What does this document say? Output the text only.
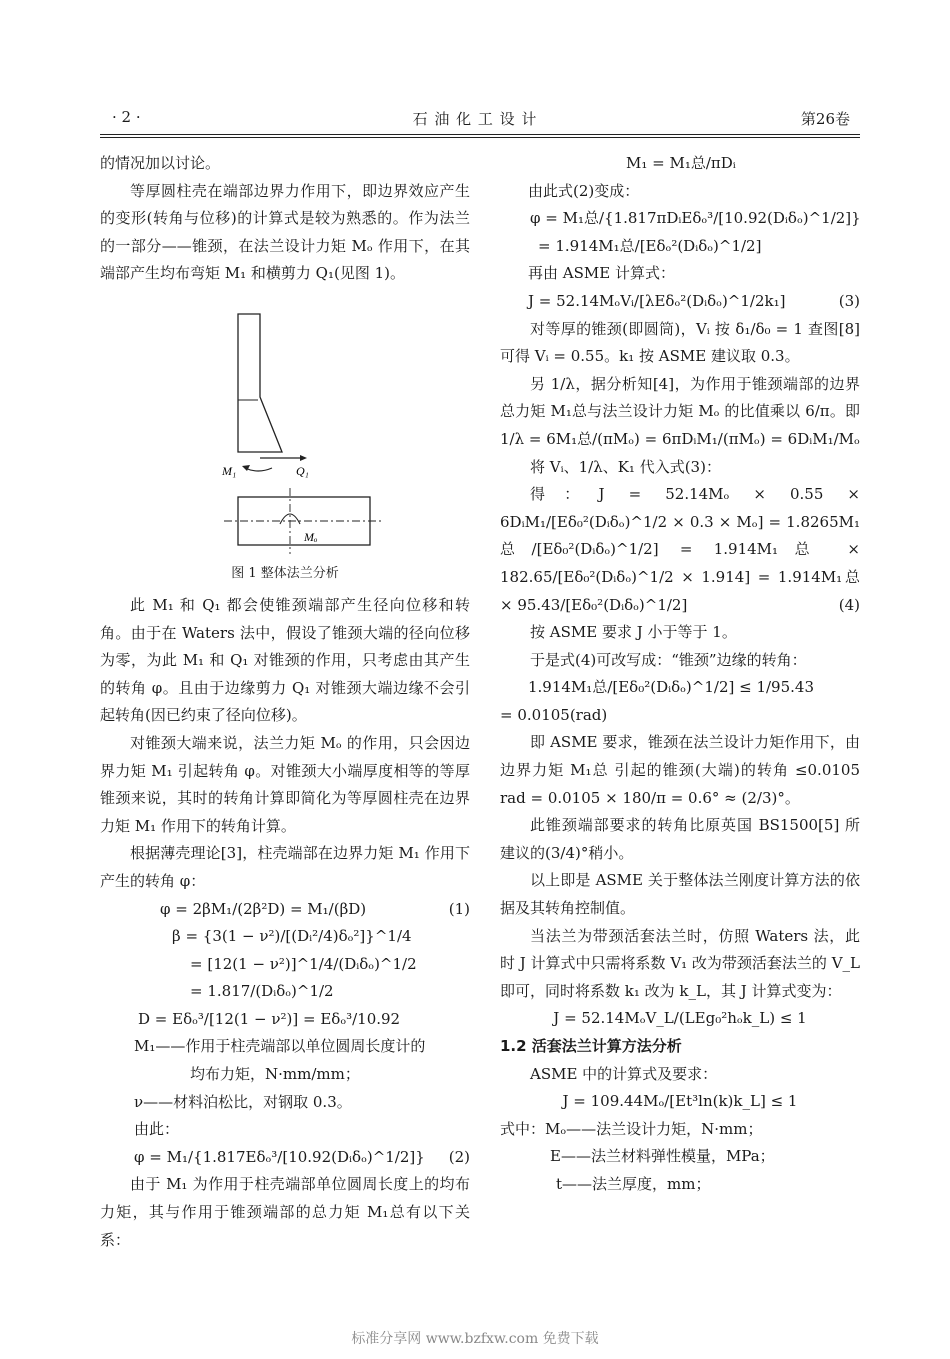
· 2 ·	石 油 化 工 设 计	第26卷

的情况加以讨论。

等厚圆柱壳在端部边界力作用下，即边界效应产生的变形(转角与位移)的计算式是较为熟悉的。作为法兰的一部分——锥颈，在法兰设计力矩 Mₒ 作用下，在其端部产生均布弯矩 M₁ 和横剪力 Q₁(见图 1)。

M₁	Q₁
Mₒ
图 1 整体法兰分析

此 M₁ 和 Q₁ 都会使锥颈端部产生径向位移和转角。由于在 Waters 法中，假设了锥颈大端的径向位移为零，为此 M₁ 和 Q₁ 对锥颈的作用，只考虑由其产生的转角 φ。且由于边缘剪力 Q₁ 对锥颈大端边缘不会引起转角(因已约束了径向位移)。

对锥颈大端来说，法兰力矩 Mₒ 的作用，只会因边界力矩 M₁ 引起转角 φ。对锥颈大小端厚度相等的等厚锥颈来说，其时的转角计算即简化为等厚圆柱壳在边界力矩 M₁ 作用下的转角计算。

根据薄壳理论[3]，柱壳端部在边界力矩 M₁ 作用下产生的转角 φ：

φ = 2βM₁/(2β²D) = M₁/(βD)	(1)

β = {3(1 − ν²)/[(Dᵢ²/4)δₒ²]}^1/4

= [12(1 − ν²)]^1/4/(Dᵢδₒ)^1/2

= 1.817/(Dᵢδₒ)^1/2

D = Eδₒ³/[12(1 − ν²)] = Eδₒ³/10.92

M₁——作用于柱壳端部以单位圆周长度计的

均布力矩，N·mm/mm；

ν——材料泊松比，对钢取 0.3。

由此：

φ = M₁/{1.817Eδₒ³/[10.92(Dᵢδₒ)^1/2]} (2)

由于 M₁ 为作用于柱壳端部单位圆周长度上的均布力矩，其与作用于锥颈端部的总力矩 M₁总有以下关系：

M₁ = M₁总/πDᵢ

由此式(2)变成：

φ = M₁总/{1.817πDᵢEδₒ³/[10.92(Dᵢδₒ)^1/2]}

= 1.914M₁总/[Eδₒ²(Dᵢδₒ)^1/2]

再由 ASME 计算式：

J = 52.14MₒVᵢ/[λEδₒ²(Dᵢδₒ)^1/2k₁]	(3)

对等厚的锥颈(即圆筒)，Vᵢ 按 δ₁/δ₀ = 1 查图[8]可得 Vᵢ = 0.55。k₁ 按 ASME 建议取 0.3。

另 1/λ，据分析知[4]，为作用于锥颈端部的边界总力矩 M₁总与法兰设计力矩 Mₒ 的比值乘以 6/π。即 1/λ = 6M₁总/(πMₒ) = 6πDᵢM₁/(πMₒ) = 6DᵢM₁/Mₒ

将 Vᵢ、1/λ、K₁ 代入式(3)：

得：J = 52.14Mₒ × 0.55 × 6DᵢM₁/[Eδ₀²(Dᵢδₒ)^1/2 × 0.3 × Mₒ] = 1.8265M₁总/[Eδ₀²(Dᵢδₒ)^1/2] = 1.914M₁总 × 182.65/[Eδ₀²(Dᵢδₒ)^1/2 × 1.914] = 1.914M₁总 × 95.43/[Eδ₀²(Dᵢδₒ)^1/2]	(4)

按 ASME 要求 J 小于等于 1。

于是式(4)可改写成：“锥颈”边缘的转角：

1.914M₁总/[Eδ₀²(Dᵢδₒ)^1/2] ≤ 1/95.43

= 0.0105(rad)

即 ASME 要求，锥颈在法兰设计力矩作用下，由边界力矩 M₁总 引起的锥颈(大端)的转角 ≤0.0105 rad = 0.0105 × 180/π = 0.6° ≈ (2/3)°。

此锥颈端部要求的转角比原英国 BS1500[5] 所建议的(3/4)°稍小。

以上即是 ASME 关于整体法兰刚度计算方法的依据及其转角控制值。

当法兰为带颈活套法兰时，仿照 Waters 法，此时 J 计算式中只需将系数 V₁ 改为带颈活套法兰的 V_L 即可，同时将系数 k₁ 改为 k_L，其 J 计算式变为：

J = 52.14MₒV_L/(LEg₀²hₒk_L) ≤ 1

1.2 活套法兰计算方法分析

ASME 中的计算式及要求：

J = 109.44Mₒ/[Et³ln(k)k_L] ≤ 1

式中：Mₒ——法兰设计力矩，N·mm；

E——法兰材料弹性模量，MPa；

t——法兰厚度，mm；

标准分享网 www.bzfxw.com 免费下载
